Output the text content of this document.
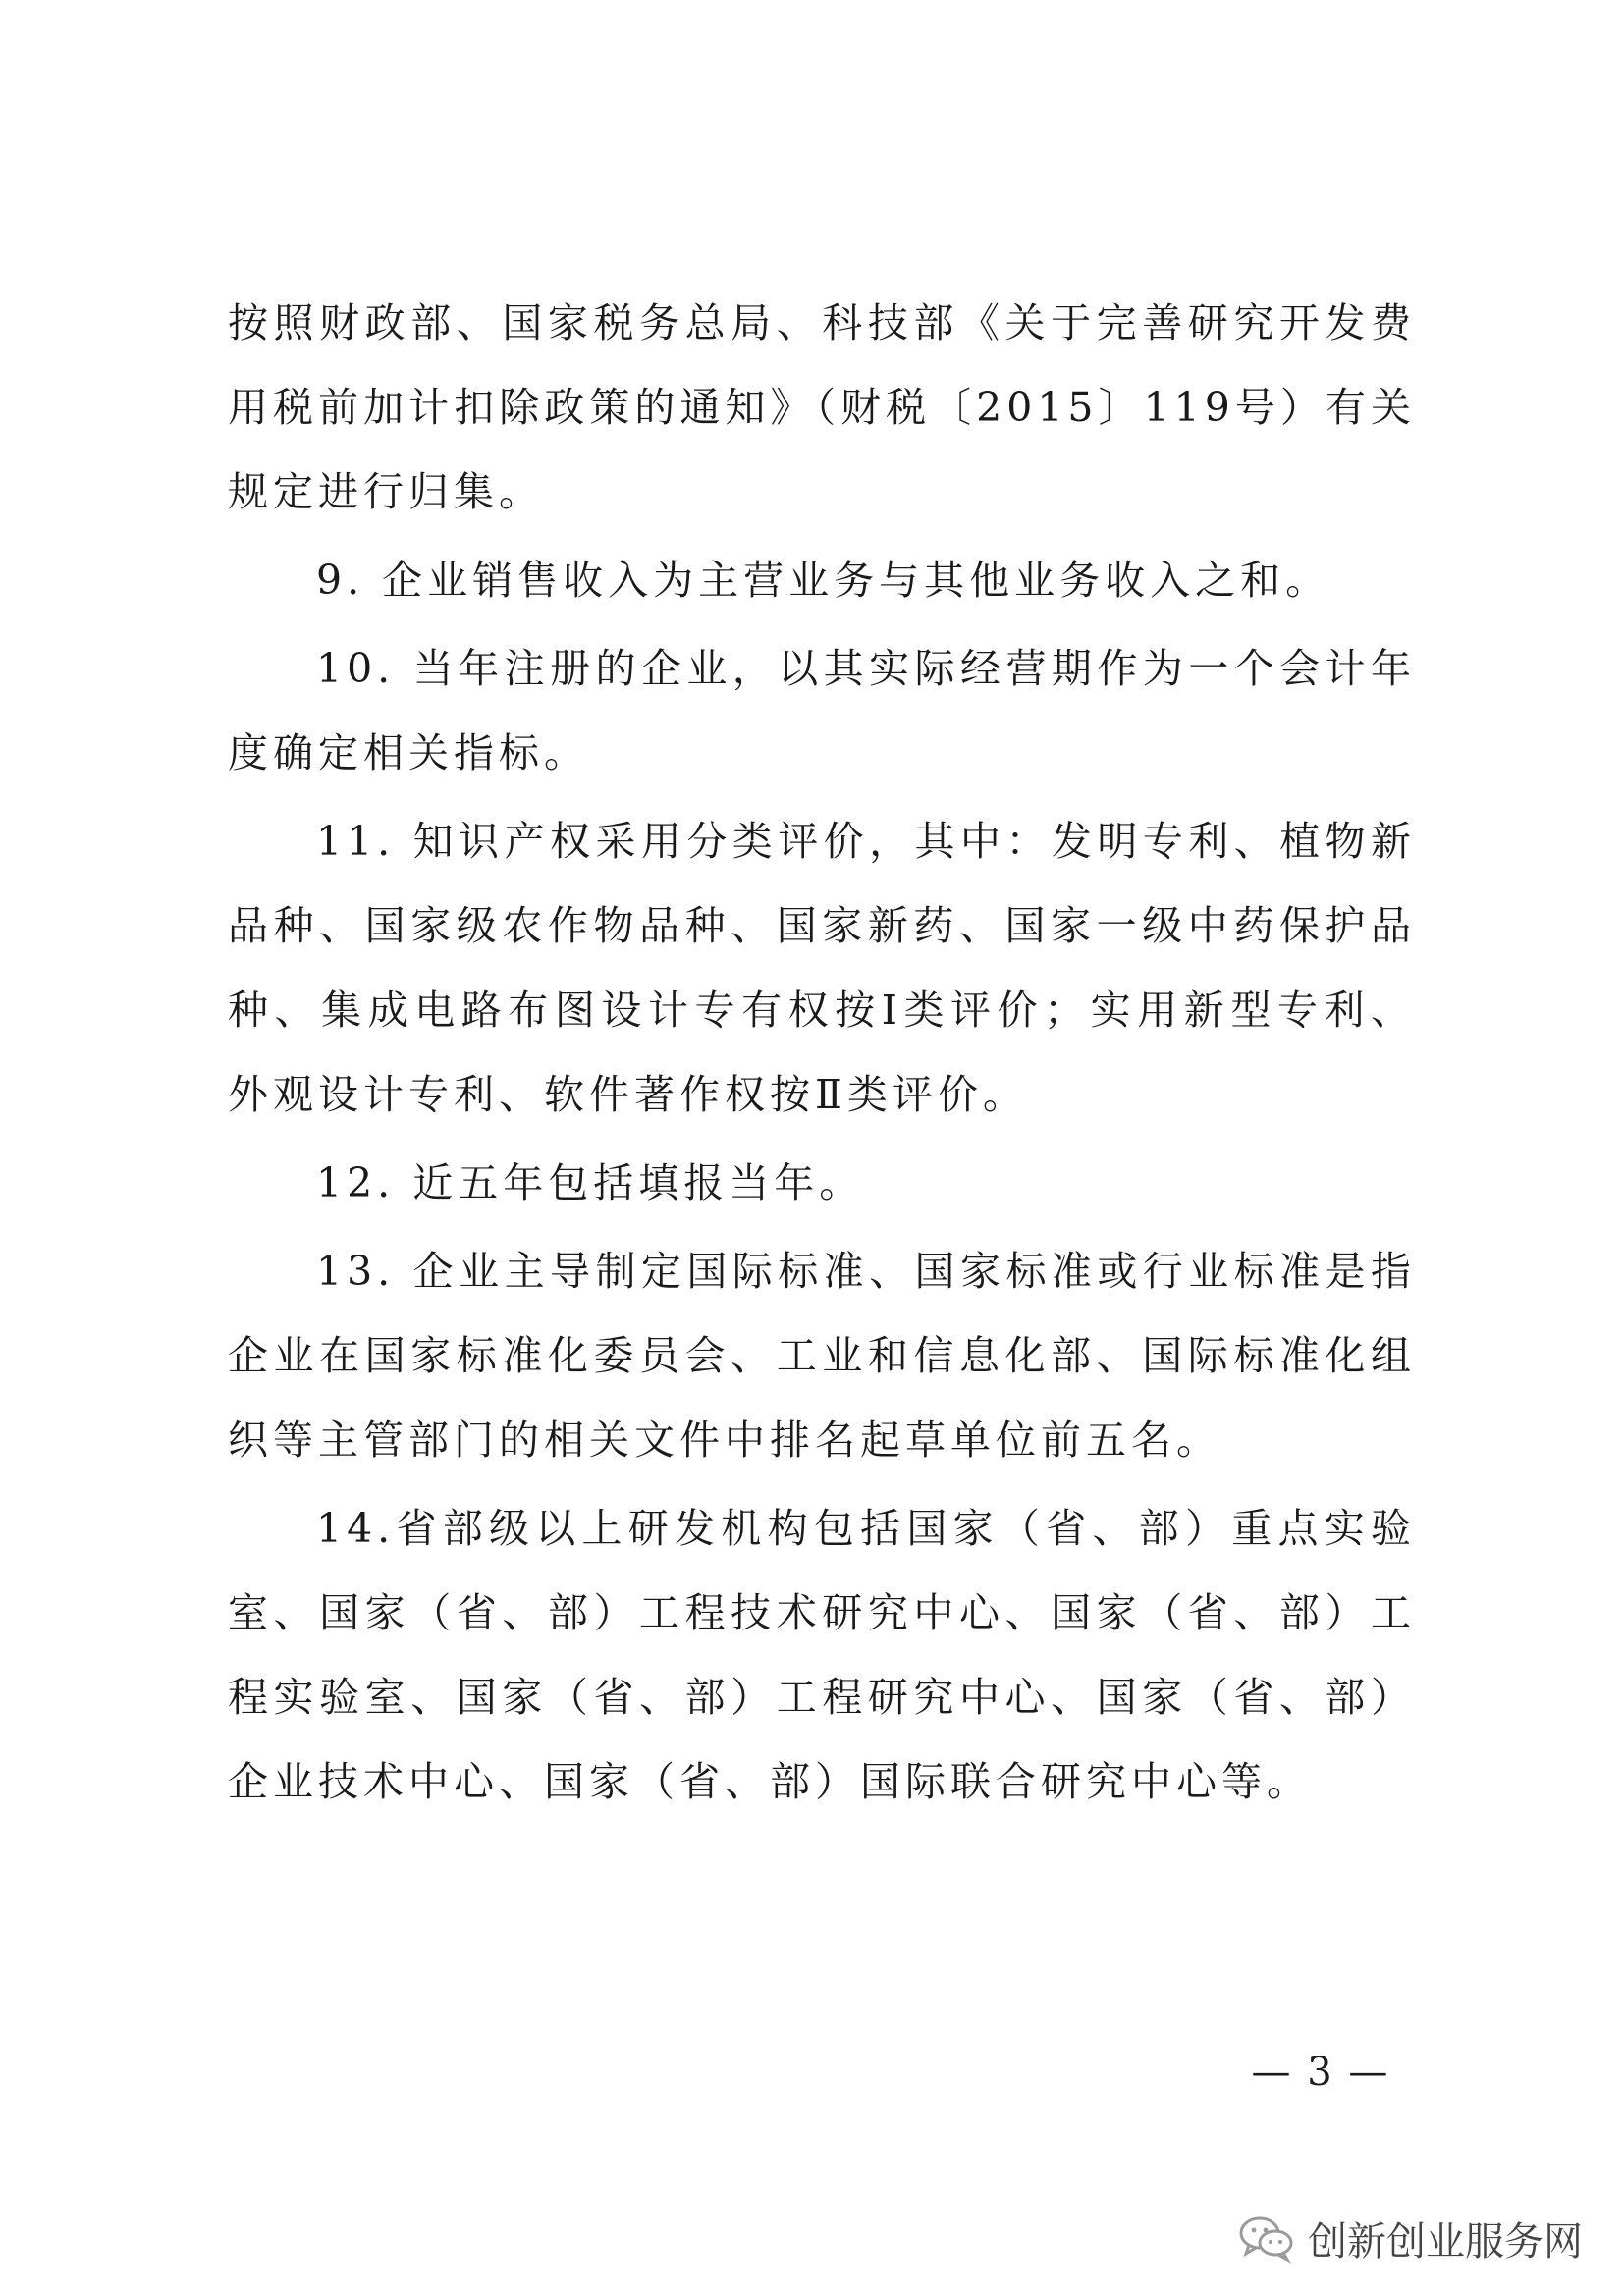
按照财政部、国家税务总局、科技部《关于完善研究开发费用税前加计扣除政策的通知》（财税〔2015〕119号）有关规定进行归集。

9. 企业销售收入为主营业务与其他业务收入之和。

10. 当年注册的企业，以其实际经营期作为一个会计年度确定相关指标。

11. 知识产权采用分类评价，其中：发明专利、植物新品种、国家级农作物品种、国家新药、国家一级中药保护品种、集成电路布图设计专有权按Ⅰ类评价；实用新型专利、外观设计专利、软件著作权按Ⅱ类评价。

12. 近五年包括填报当年。

13. 企业主导制定国际标准、国家标准或行业标准是指企业在国家标准化委员会、工业和信息化部、国际标准化组织等主管部门的相关文件中排名起草单位前五名。

14.省部级以上研发机构包括国家（省、部）重点实验室、国家（省、部）工程技术研究中心、国家（省、部）工程实验室、国家（省、部）工程研究中心、国家（省、部）企业技术中心、国家（省、部）国际联合研究中心等。

— 3 —
创新创业服务网
